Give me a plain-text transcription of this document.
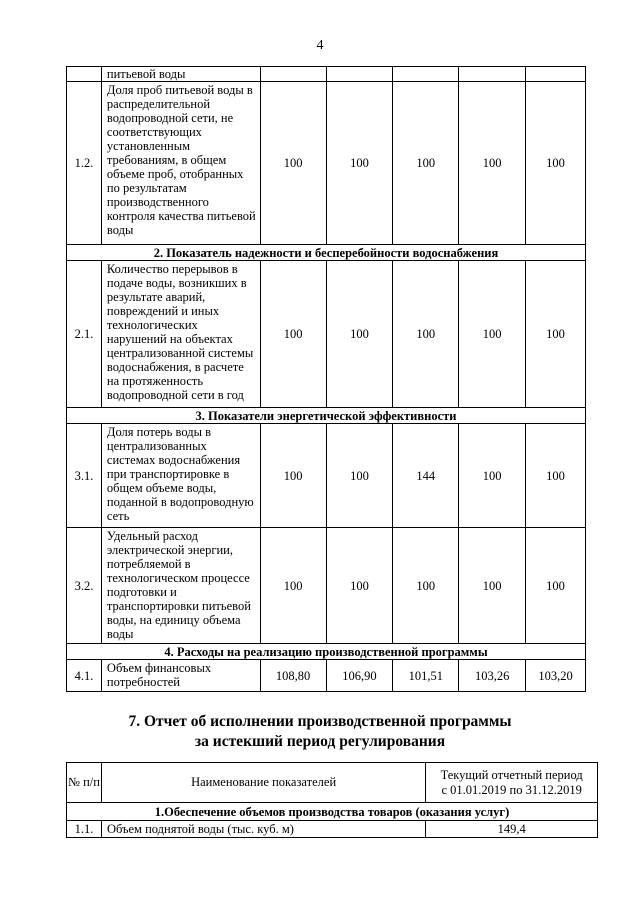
4
	питьевой воды					
1.2.	Доля проб питьевой воды в распределительной водопроводной сети, не соответствующих установленным требованиям, в общем объеме проб, отобранных по результатам производственного контроля качества питьевой воды	100	100	100	100	100
2. Показатель надежности и бесперебойности водоснабжения						
2.1.	Количество перерывов в подаче воды, возникших в результате аварий, повреждений и иных технологических нарушений на объектах централизованной системы водоснабжения, в расчете на протяженность водопроводной сети в год	100	100	100	100	100
3. Показатели энергетической эффективности						
3.1.	Доля потерь воды в централизованных системах водоснабжения при транспортировке в общем объеме воды, поданной в водопроводную сеть	100	100	144	100	100
3.2.	Удельный расход электрической энергии, потребляемой в технологическом процессе подготовки и транспортировки питьевой воды, на единицу объема воды	100	100	100	100	100
4. Расходы на реализацию производственной программы						
4.1.	Объем финансовых потребностей	108,80	106,90	101,51	103,26	103,20
7. Отчет об исполнении производственной программы
за истекший период регулирования
№ п/п	Наименование показателей	Текущий отчетный период
с 01.01.2019 по 31.12.2019

1.Обеспечение объемов производства товаров (оказания услуг)		
1.1.	Объем поднятой воды (тыс. куб. м)	149,4
